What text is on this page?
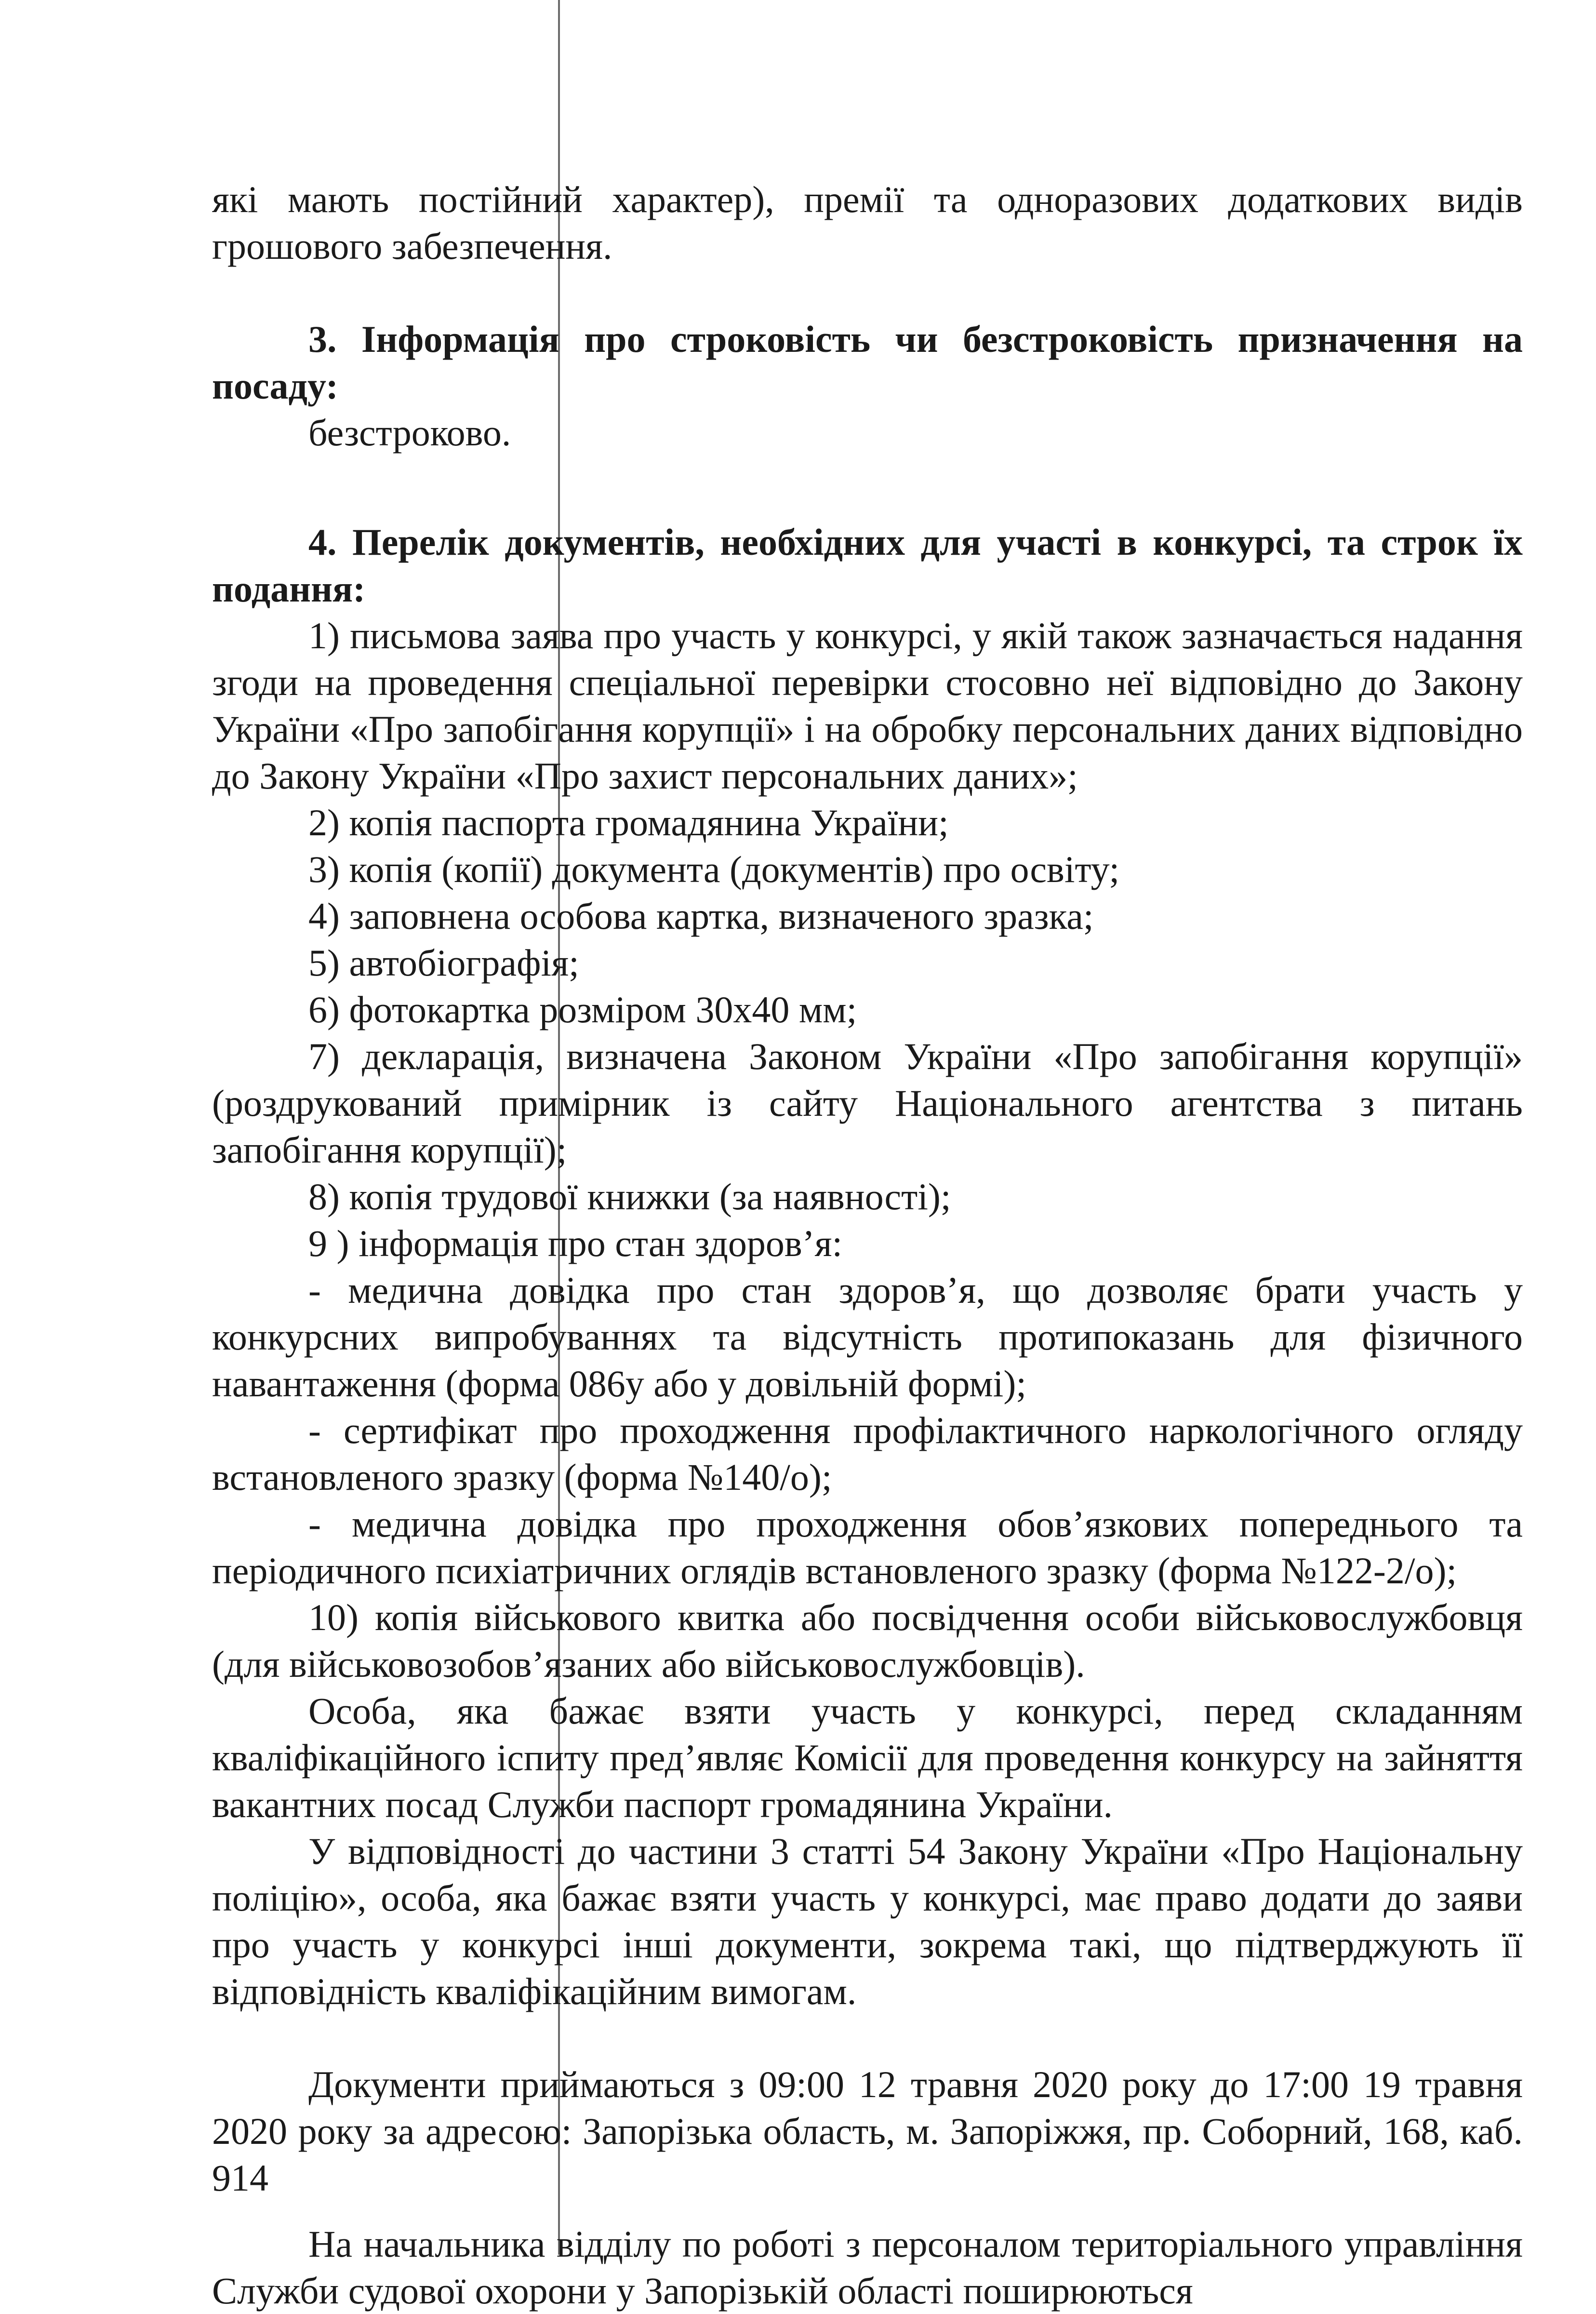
які мають постійний характер), премії та одноразових додаткових видів грошового забезпечення.

3. Інформація про строковість чи безстроковість призначення на посаду:

безстроково.

4. Перелік документів, необхідних для участі в конкурсі, та строк їх подання:

1) письмова заява про участь у конкурсі, у якій також зазначається надання згоди на проведення спеціальної перевірки стосовно неї відповідно до Закону України «Про запобігання корупції» і на обробку персональних даних відповідно до Закону України «Про захист персональних даних»;

2) копія паспорта громадянина України;

3) копія (копії) документа (документів) про освіту;

4) заповнена особова картка, визначеного зразка;

5) автобіографія;

6) фотокартка розміром 30х40 мм;

7) декларація, визначена Законом України «Про запобігання корупції» (роздрукований примірник із сайту Національного агентства з питань запобігання корупції);

8) копія трудової книжки (за наявності);

9 ) інформація про стан здоров’я:

- медична довідка про стан здоров’я, що дозволяє брати участь у конкурсних випробуваннях та відсутність протипоказань для фізичного навантаження (форма 086у або у довільній формі);

- сертифікат про проходження профілактичного наркологічного огляду встановленого зразку (форма №140/о);

- медична довідка про проходження обов’язкових попереднього та періодичного психіатричних оглядів встановленого зразку (форма №122-2/о);

10) копія військового квитка або посвідчення особи військовослужбовця (для військовозобов’язаних або військовослужбовців).

Особа, яка бажає взяти участь у конкурсі, перед складанням кваліфікаційного іспиту пред’являє Комісії для проведення конкурсу на зайняття вакантних посад Служби паспорт громадянина України.

У відповідності до частини 3 статті 54 Закону України «Про Національну поліцію», особа, яка бажає взяти участь у конкурсі, має право додати до заяви про участь у конкурсі інші документи, зокрема такі, що підтверджують її відповідність кваліфікаційним вимогам.

Документи приймаються з 09:00 12 травня 2020 року до 17:00 19 травня 2020 року за адресою: Запорізька область, м. Запоріжжя, пр. Соборний, 168, каб. 914

На начальника відділу по роботі з персоналом територіального управління Служби судової охорони у Запорізькій області поширюються
